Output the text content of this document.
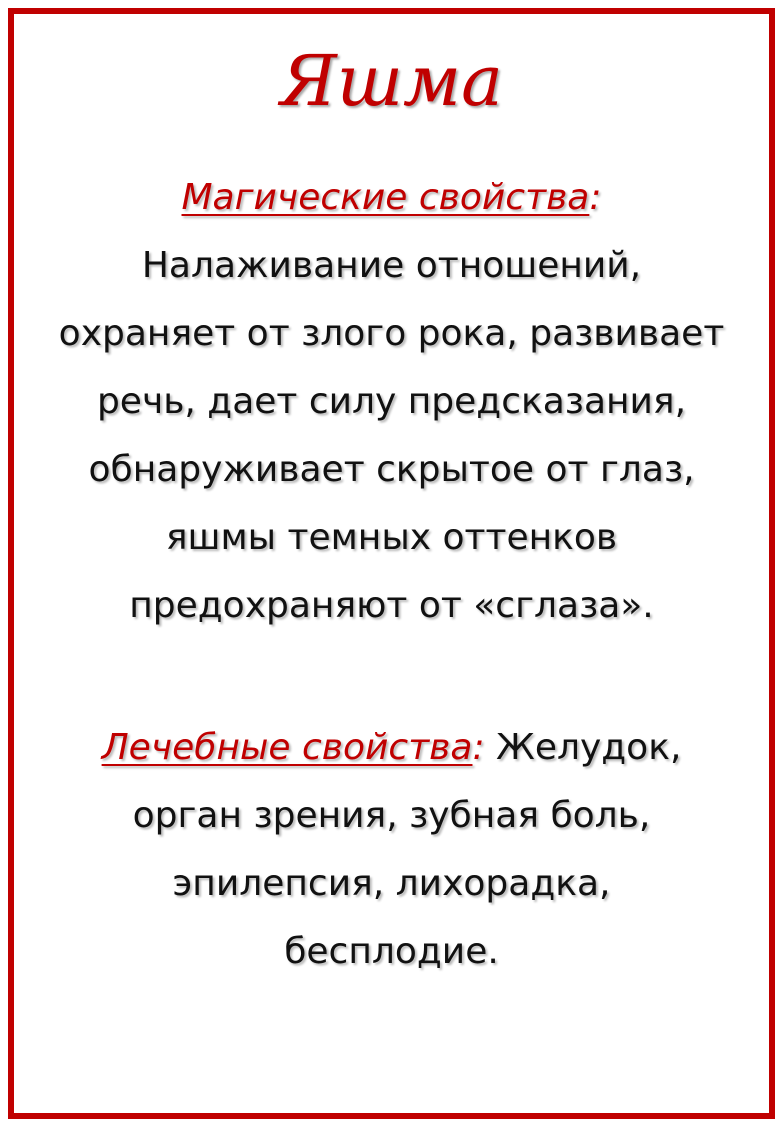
Яшма
Магические свойства:
Налаживание отношений,
охраняет от злого рока, развивает
речь, дает силу предсказания,
обнаруживает скрытое от глаз,
яшмы темных оттенков
предохраняют от «сглаза».
Лечебные свойства: Желудок,
орган зрения, зубная боль,
эпилепсия, лихорадка,
бесплодие.
